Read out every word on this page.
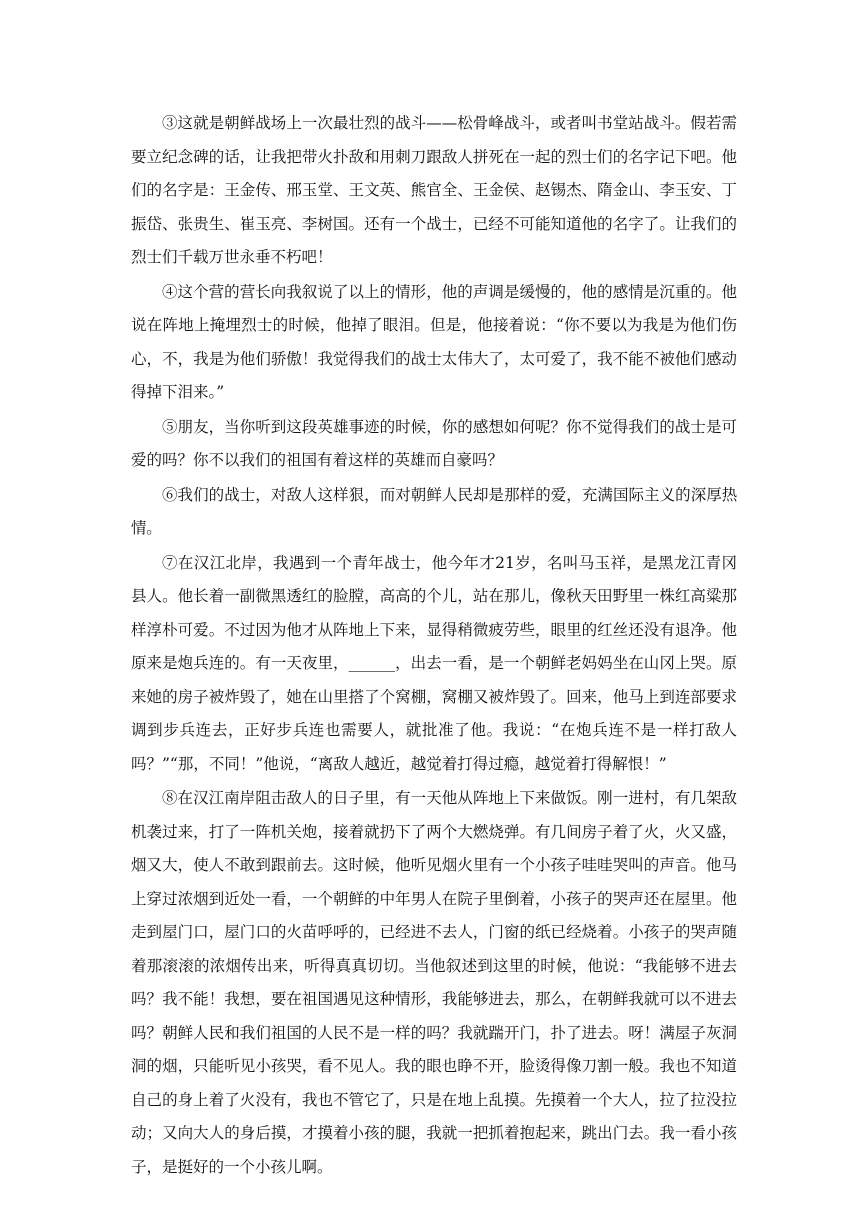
③这就是朝鲜战场上一次最壮烈的战斗——松骨峰战斗，或者叫书堂站战斗。假若需要立纪念碑的话，让我把带火扑敌和用刺刀跟敌人拼死在一起的烈士们的名字记下吧。他们的名字是：王金传、邢玉堂、王文英、熊官全、王金侯、赵锡杰、隋金山、李玉安、丁振岱、张贵生、崔玉亮、李树国。还有一个战士，已经不可能知道他的名字了。让我们的烈士们千载万世永垂不朽吧！

④这个营的营长向我叙说了以上的情形，他的声调是缓慢的，他的感情是沉重的。他说在阵地上掩埋烈士的时候，他掉了眼泪。但是，他接着说：“你不要以为我是为他们伤心，不，我是为他们骄傲！我觉得我们的战士太伟大了，太可爱了，我不能不被他们感动得掉下泪来。”

⑤朋友，当你听到这段英雄事迹的时候，你的感想如何呢？你不觉得我们的战士是可爱的吗？你不以我们的祖国有着这样的英雄而自豪吗？

⑥我们的战士，对敌人这样狠，而对朝鲜人民却是那样的爱，充满国际主义的深厚热情。

⑦在汉江北岸，我遇到一个青年战士，他今年才21岁，名叫马玉祥，是黑龙江青冈县人。他长着一副微黑透红的脸膛，高高的个儿，站在那儿，像秋天田野里一株红高粱那样淳朴可爱。不过因为他才从阵地上下来，显得稍微疲劳些，眼里的红丝还没有退净。他原来是炮兵连的。有一天夜里，______，出去一看，是一个朝鲜老妈妈坐在山冈上哭。原来她的房子被炸毁了，她在山里搭了个窝棚，窝棚又被炸毁了。回来，他马上到连部要求调到步兵连去，正好步兵连也需要人，就批准了他。我说：“在炮兵连不是一样打敌人吗？”“那，不同！”他说，“离敌人越近，越觉着打得过瘾，越觉着打得解恨！”

⑧在汉江南岸阻击敌人的日子里，有一天他从阵地上下来做饭。刚一进村，有几架敌机袭过来，打了一阵机关炮，接着就扔下了两个大燃烧弹。有几间房子着了火，火又盛，烟又大，使人不敢到跟前去。这时候，他听见烟火里有一个小孩子哇哇哭叫的声音。他马上穿过浓烟到近处一看，一个朝鲜的中年男人在院子里倒着，小孩子的哭声还在屋里。他走到屋门口，屋门口的火苗呼呼的，已经进不去人，门窗的纸已经烧着。小孩子的哭声随着那滚滚的浓烟传出来，听得真真切切。当他叙述到这里的时候，他说：“我能够不进去吗？我不能！我想，要在祖国遇见这种情形，我能够进去，那么，在朝鲜我就可以不进去吗？朝鲜人民和我们祖国的人民不是一样的吗？我就踹开门，扑了进去。呀！满屋子灰洞洞的烟，只能听见小孩哭，看不见人。我的眼也睁不开，脸烫得像刀割一般。我也不知道自己的身上着了火没有，我也不管它了，只是在地上乱摸。先摸着一个大人，拉了拉没拉动；又向大人的身后摸，才摸着小孩的腿，我就一把抓着抱起来，跳出门去。我一看小孩子，是挺好的一个小孩儿啊。
